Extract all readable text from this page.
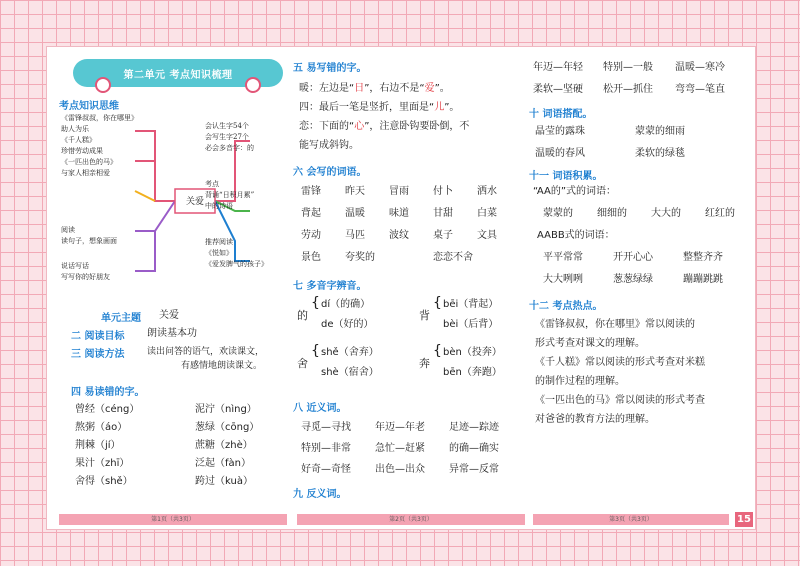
第二单元 考点知识梳理
考点知识思维
关爱
《雷锋叔叔，你在哪里》
助人为乐
《千人糕》
珍惜劳动成果
《一匹出色的马》
与家人相亲相爱
阅读
读句子，想象画面
说话写话
写写你的好朋友
会认生字54个
会写生字27个
必会多音字：的
考点
背诵“日积月累”
中的诗语
推荐阅读
《悦如》
《爱发脾气的孩子》
单元主题 关爱
二 阅读目标 朗读基本功
三 阅读方法	读出问答的语气，欢读课文，
有感情地朗读课文。
四 易读错的字。
曾经（céng）	泥泞（nìng）
熬粥（áo）	葱绿（cōng）
荆棘（jí）	蔗糖（zhè）
果汁（zhī）	泛起（fàn）
舍得（shě）	跨过（kuà）
第1页（共3页）
五 易写错的字。
暖：左边是“日”，右边不是“爱”。
四：最后一笔是竖折，里面是“儿”。
恋：下面的“心”，注意卧钩要卧倒，不
能写成斜钩。
六 会写的词语。
雷锋	昨天	冒雨	付卜	洒水
背起	温暖	味道	甘甜	白菜
劳动	马匹	波纹	桌子	文具
景色	夸奖的	恋恋不舍
七 多音字辨音。
的
{ dí（的确）
de（好的）
背
{ bēi（背起）
bèi（后背）
舍
{ shě（舍弃）
shè（宿舍）
奔
{ bèn（投奔）
bēn（奔跑）
八 近义词。
寻觅—寻找	年迈—年老	足迹—踪迹
特别—非常	急忙—赶紧	的确—确实
好奇—奇怪	出色—出众	异常—反常
九 反义词。
第2页（共3页）
年迈—年轻	特别—一般	温暖—寒冷
柔软—坚硬	松开—抓住	弯弯—笔直
十 词语搭配。
晶莹的露珠	蒙蒙的细雨
温暖的春风	柔软的绿毯
十一 词语积累。
“AA的”式的词语：
蒙蒙的	细细的	大大的	红红的
AABB式的词语：
平平常常	开开心心	整整齐齐
大大咧咧	葱葱绿绿	蹦蹦跳跳
十二 考点热点。
《雷锋叔叔，你在哪里》常以阅读的
形式考查对课文的理解。
《千人糕》常以阅读的形式考查对米糕
的制作过程的理解。
《一匹出色的马》常以阅读的形式考查
对爸爸的教育方法的理解。
第3页（共3页）	15
